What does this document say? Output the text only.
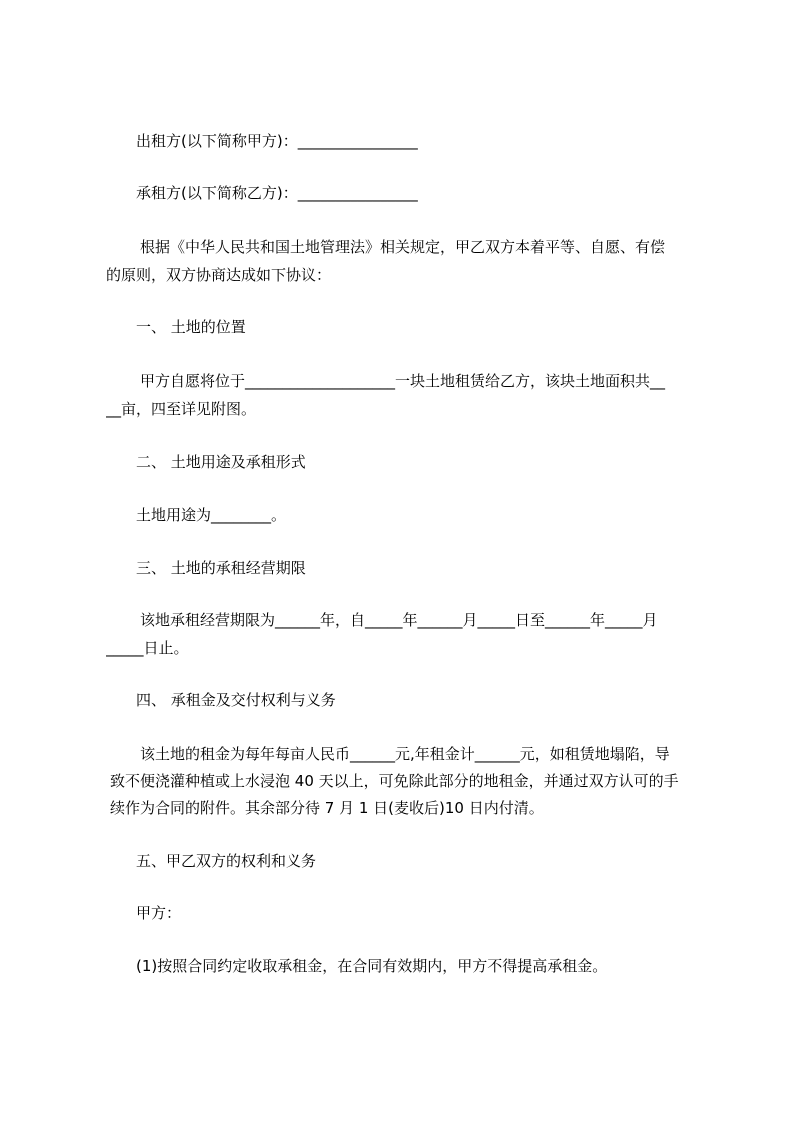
出租方(以下简称甲方)：________________
承租方(以下简称乙方)：________________
根据《中华人民共和国土地管理法》相关规定，甲乙双方本着平等、自愿、有偿
的原则，双方协商达成如下协议：
一、 土地的位置
甲方自愿将位于____________________一块土地租赁给乙方，该块土地面积共__
__亩，四至详见附图。
二、 土地用途及承租形式
土地用途为________。
三、 土地的承租经营期限
该地承租经营期限为______年，自_____年______月_____日至______年_____月
_____日止。
四、 承租金及交付权利与义务
该土地的租金为每年每亩人民币______元,年租金计______元，如租赁地塌陷，导
致不便浇灌种植或上水浸泡 40 天以上，可免除此部分的地租金，并通过双方认可的手
续作为合同的附件。其余部分待 7 月 1 日(麦收后)10 日内付清。
五、甲乙双方的权利和义务
甲方：
(1)按照合同约定收取承租金，在合同有效期内，甲方不得提高承租金。
